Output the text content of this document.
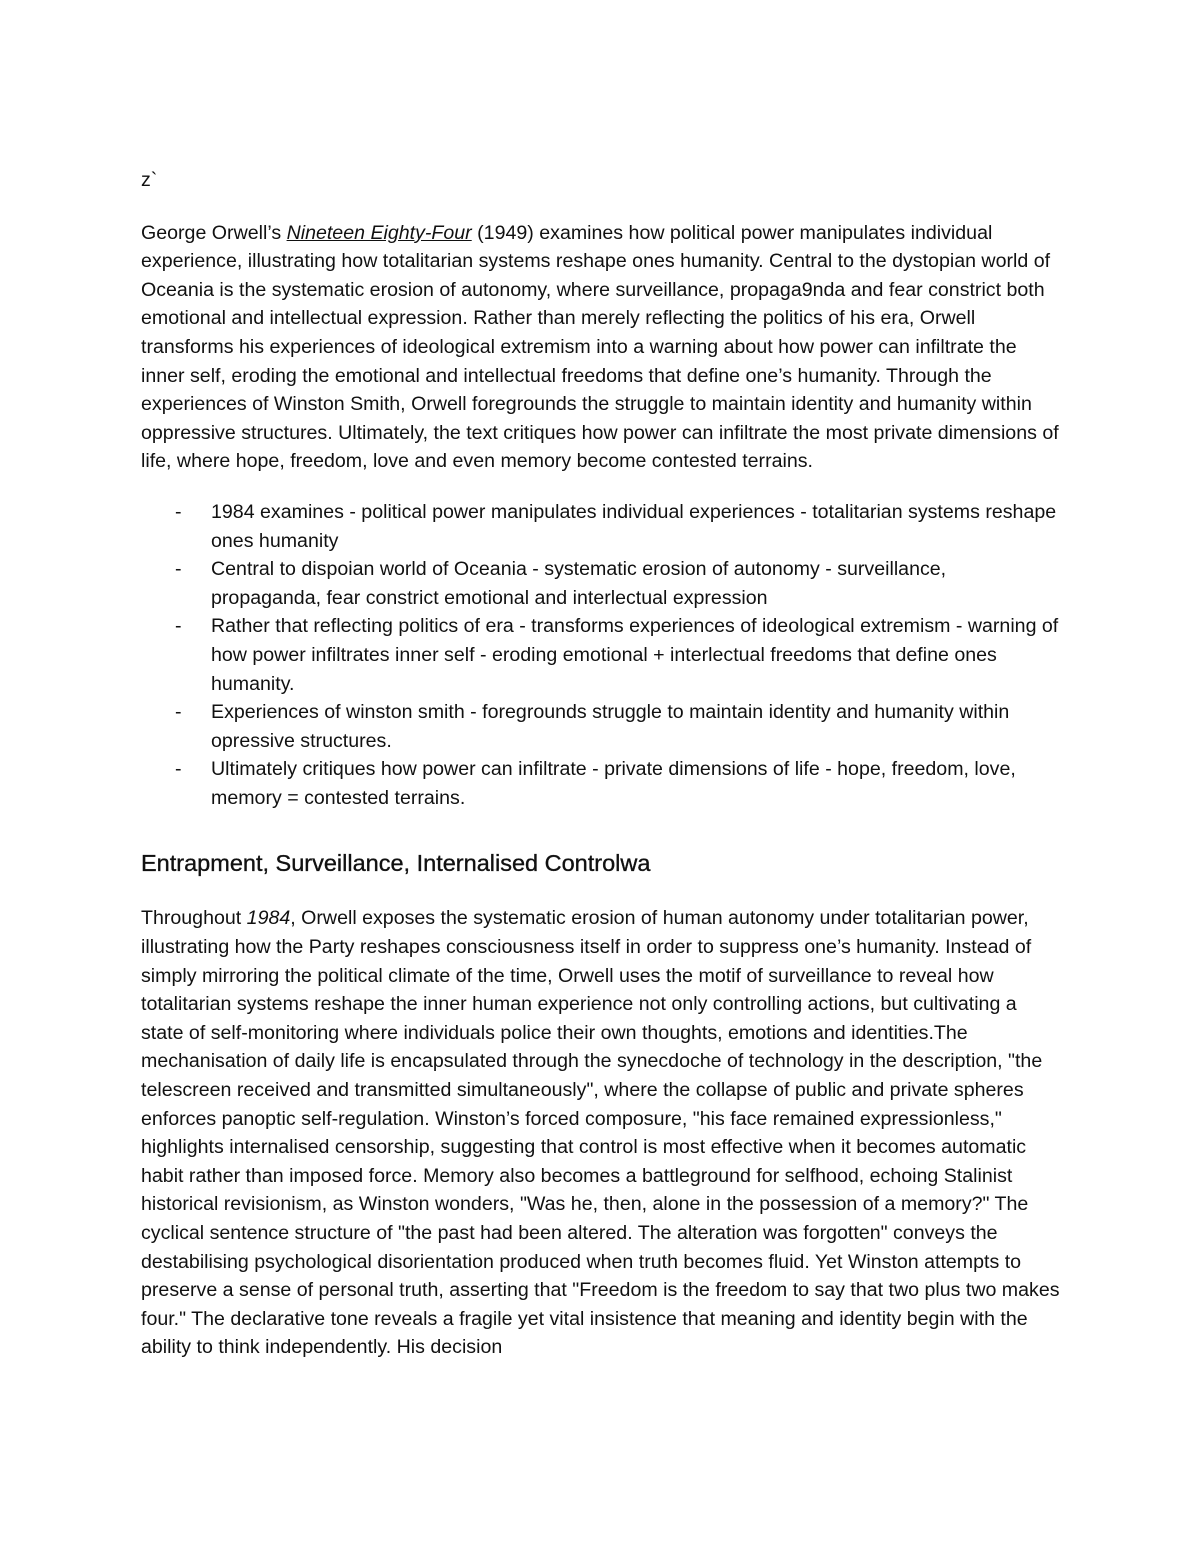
z`

George Orwell’s Nineteen Eighty-Four (1949) examines how political power manipulates individual experience, illustrating how totalitarian systems reshape ones humanity. Central to the dystopian world of Oceania is the systematic erosion of autonomy, where surveillance, propaga9nda and fear constrict both emotional and intellectual expression. Rather than merely reflecting the politics of his era, Orwell transforms his experiences of ideological extremism into a warning about how power can infiltrate the inner self, eroding the emotional and intellectual freedoms that define one’s humanity. Through the experiences of Winston Smith, Orwell foregrounds the struggle to maintain identity and humanity within oppressive structures. Ultimately, the text critiques how power can infiltrate the most private dimensions of life, where hope, freedom, love and even memory become contested terrains.

- 1984 examines - political power manipulates individual experiences - totalitarian systems reshape ones humanity
- Central to dispoian world of Oceania - systematic erosion of autonomy - surveillance, propaganda, fear constrict emotional and interlectual expression
- Rather that reflecting politics of era - transforms experiences of ideological extremism - warning of how power infiltrates inner self - eroding emotional + interlectual freedoms that define ones humanity.
- Experiences of winston smith - foregrounds struggle to maintain identity and humanity within opressive structures.
- Ultimately critiques how power can infiltrate - private dimensions of life - hope, freedom, love, memory = contested terrains.
Entrapment, Surveillance, Internalised Controlwa

Throughout 1984, Orwell exposes the systematic erosion of human autonomy under totalitarian power, illustrating how the Party reshapes consciousness itself in order to suppress one’s humanity. Instead of simply mirroring the political climate of the time, Orwell uses the motif of surveillance to reveal how totalitarian systems reshape the inner human experience not only controlling actions, but cultivating a state of self-monitoring where individuals police their own thoughts, emotions and identities.The mechanisation of daily life is encapsulated through the synecdoche of technology in the description, "the telescreen received and transmitted simultaneously", where the collapse of public and private spheres enforces panoptic self-regulation. Winston’s forced composure, "his face remained expressionless," highlights internalised censorship, suggesting that control is most effective when it becomes automatic habit rather than imposed force. Memory also becomes a battleground for selfhood, echoing Stalinist historical revisionism, as Winston wonders, "Was he, then, alone in the possession of a memory?" The cyclical sentence structure of "the past had been altered. The alteration was forgotten" conveys the destabilising psychological disorientation produced when truth becomes fluid. Yet Winston attempts to preserve a sense of personal truth, asserting that "Freedom is the freedom to say that two plus two makes four." The declarative tone reveals a fragile yet vital insistence that meaning and identity begin with the ability to think independently. His decision
